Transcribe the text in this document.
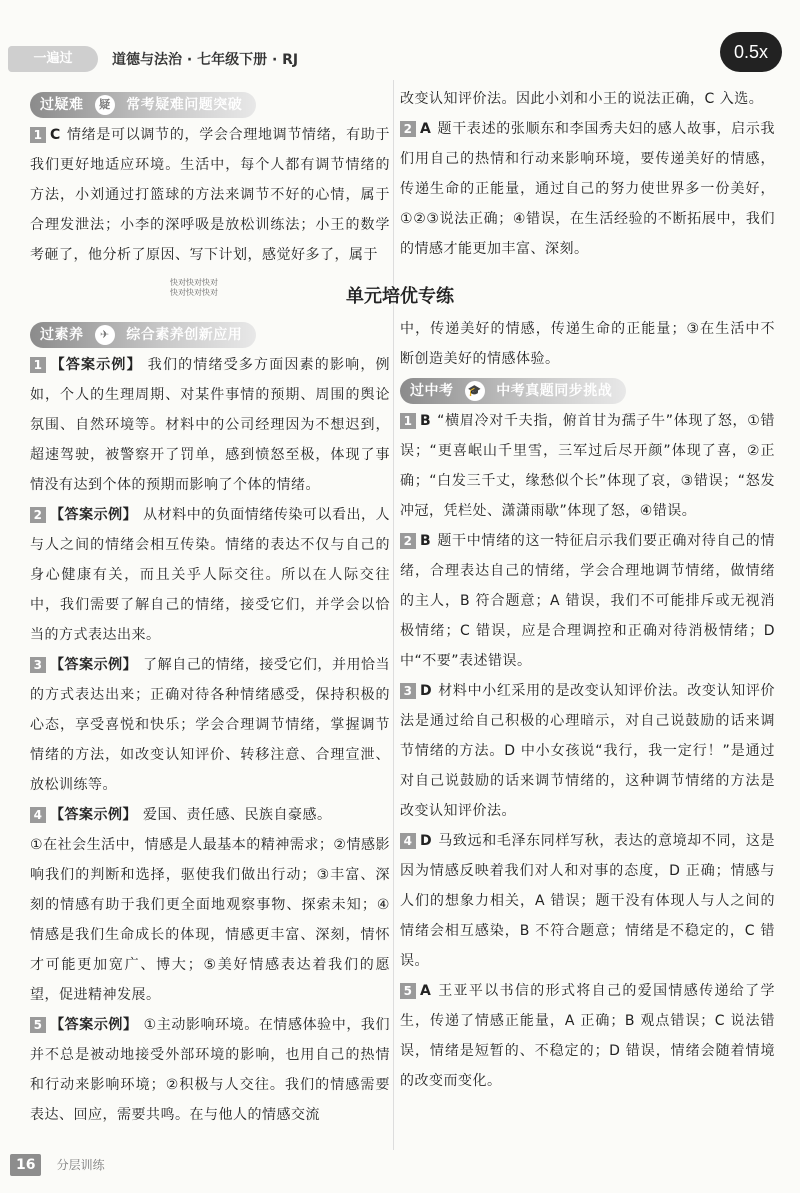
一遍过	道德与法治 · 七年级下册 · RJ	0.5x
过疑难 疑 常考疑难问题突破

1 C 情绪是可以调节的，学会合理地调节情绪，有助于我们更好地适应环境。生活中，每个人都有调节情绪的方法，小刘通过打篮球的方法来调节不好的心情，属于合理发泄法；小李的深呼吸是放松训练法；小王的数学考砸了，他分析了原因、写下计划，感觉好多了，属于

快对快对快对
快对快对快对

改变认知评价法。因此小刘和小王的说法正确，C 入选。

2 A 题干表述的张顺东和李国秀夫妇的感人故事，启示我们用自己的热情和行动来影响环境，要传递美好的情感，传递生命的正能量，通过自己的努力使世界多一份美好，①②③说法正确；④错误，在生活经验的不断拓展中，我们的情感才能更加丰富、深刻。

单元培优专练
过素养 ✈ 综合素养创新应用

1 【答案示例】 我们的情绪受多方面因素的影响，例如，个人的生理周期、对某件事情的预期、周围的舆论氛围、自然环境等。材料中的公司经理因为不想迟到，超速驾驶，被警察开了罚单，感到愤怒至极，体现了事情没有达到个体的预期而影响了个体的情绪。

2 【答案示例】 从材料中的负面情绪传染可以看出，人与人之间的情绪会相互传染。情绪的表达不仅与自己的身心健康有关，而且关乎人际交往。所以在人际交往中，我们需要了解自己的情绪，接受它们，并学会以恰当的方式表达出来。

3 【答案示例】 了解自己的情绪，接受它们，并用恰当的方式表达出来；正确对待各种情绪感受，保持积极的心态，享受喜悦和快乐；学会合理调节情绪，掌握调节情绪的方法，如改变认知评价、转移注意、合理宣泄、放松训练等。

4 【答案示例】 爱国、责任感、民族自豪感。

①在社会生活中，情感是人最基本的精神需求；②情感影响我们的判断和选择，驱使我们做出行动；③丰富、深刻的情感有助于我们更全面地观察事物、探索未知；④情感是我们生命成长的体现，情感更丰富、深刻，情怀才可能更加宽广、博大；⑤美好情感表达着我们的愿望，促进精神发展。

5 【答案示例】 ①主动影响环境。在情感体验中，我们并不总是被动地接受外部环境的影响，也用自己的热情和行动来影响环境；②积极与人交往。我们的情感需要表达、回应，需要共鸣。在与他人的情感交流

中，传递美好的情感，传递生命的正能量；③在生活中不断创造美好的情感体验。

过中考 🎓 中考真题同步挑战

1 B “横眉冷对千夫指，俯首甘为孺子牛”体现了怒，①错误；“更喜岷山千里雪，三军过后尽开颜”体现了喜，②正确；“白发三千丈，缘愁似个长”体现了哀，③错误；“怒发冲冠，凭栏处、潇潇雨歇”体现了怒，④错误。

2 B 题干中情绪的这一特征启示我们要正确对待自己的情绪，合理表达自己的情绪，学会合理地调节情绪，做情绪的主人，B 符合题意；A 错误，我们不可能排斥或无视消极情绪；C 错误，应是合理调控和正确对待消极情绪；D 中“不要”表述错误。

3 D 材料中小红采用的是改变认知评价法。改变认知评价法是通过给自己积极的心理暗示，对自己说鼓励的话来调节情绪的方法。D 中小女孩说“我行，我一定行！”是通过对自己说鼓励的话来调节情绪的，这种调节情绪的方法是改变认知评价法。

4 D 马致远和毛泽东同样写秋，表达的意境却不同，这是因为情感反映着我们对人和对事的态度，D 正确；情感与人们的想象力相关，A 错误；题干没有体现人与人之间的情绪会相互感染，B 不符合题意；情绪是不稳定的，C 错误。

5 A 王亚平以书信的形式将自己的爱国情感传递给了学生，传递了情感正能量，A 正确；B 观点错误；C 说法错误，情绪是短暂的、不稳定的；D 错误，情绪会随着情境的改变而变化。

16 分层训练
